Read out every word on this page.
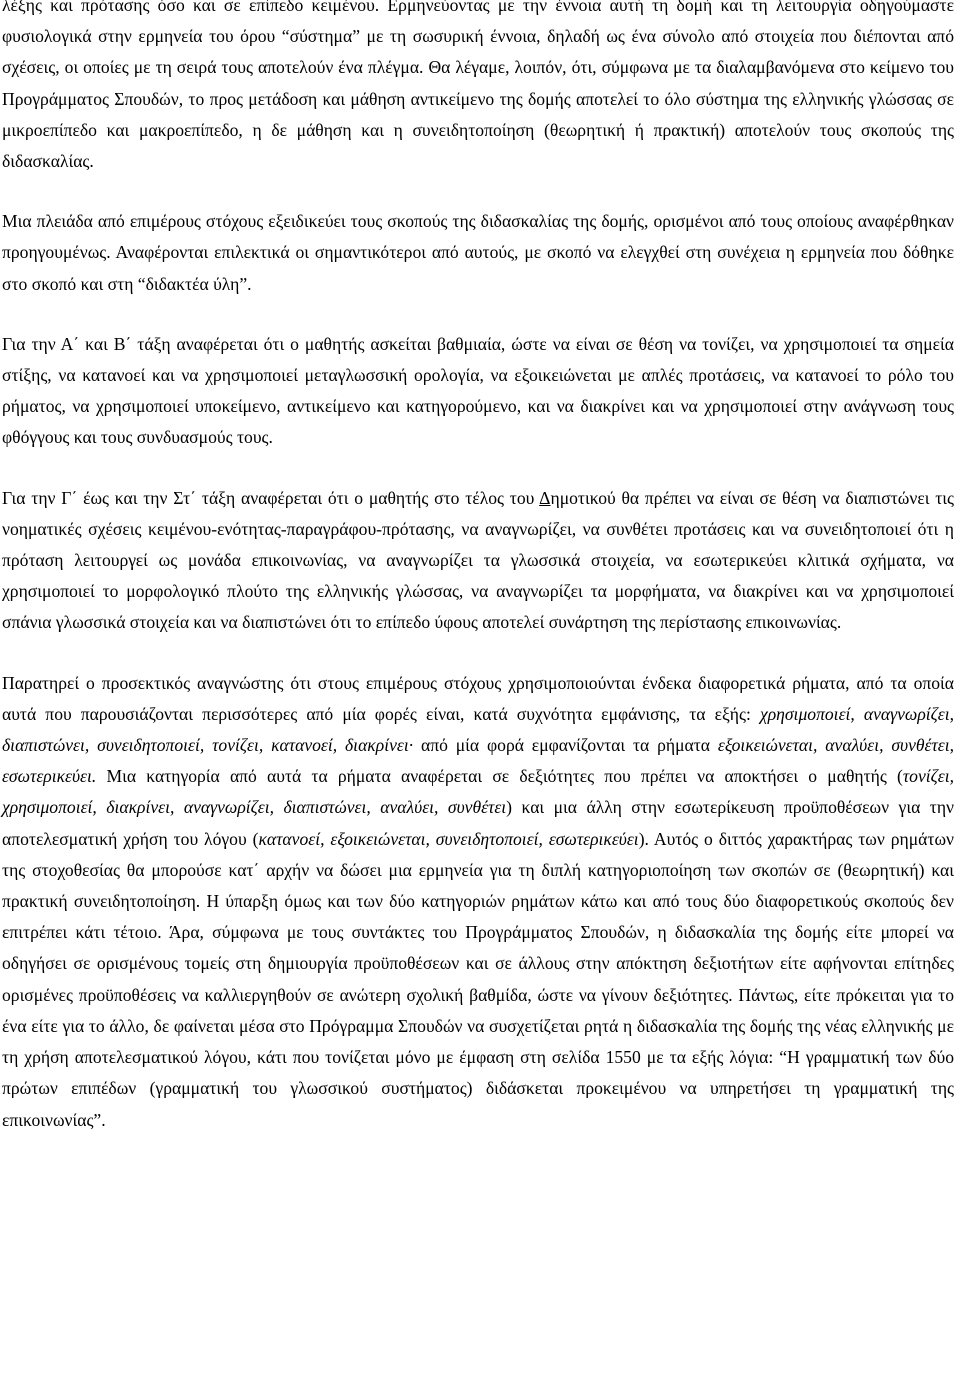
λέξης και πρότασης όσο και σε επίπεδο κειμένου. Ερμηνεύοντας με την έννοια αυτή τη δομή και τη λειτουργία οδηγούμαστε φυσιολογικά στην ερμηνεία του όρου “σύστημα” με τη σωσυρική έννοια, δηλαδή ως ένα σύνολο από στοιχεία που διέπονται από σχέσεις, οι οποίες με τη σειρά τους αποτελούν ένα πλέγμα. Θα λέγαμε, λοιπόν, ότι, σύμφωνα με τα διαλαμβανόμενα στο κείμενο του Προγράμματος Σπουδών, το προς μετάδοση και μάθηση αντικείμενο της δομής αποτελεί το όλο σύστημα της ελληνικής γλώσσας σε μικροεπίπεδο και μακροεπίπεδο, η δε μάθηση και η συνειδητοποίηση (θεωρητική ή πρακτική) αποτελούν τους σκοπούς της διδασκαλίας.

Μια πλειάδα από επιμέρους στόχους εξειδικεύει τους σκοπούς της διδασκαλίας της δομής, ορισμένοι από τους οποίους αναφέρθηκαν προηγουμένως. Αναφέρονται επιλεκτικά οι σημαντικότεροι από αυτούς, με σκοπό να ελεγχθεί στη συνέχεια η ερμηνεία που δόθηκε στο σκοπό και στη “διδακτέα ύλη”.

Για την Α΄ και Β΄ τάξη αναφέρεται ότι ο μαθητής ασκείται βαθμιαία, ώστε να είναι σε θέση να τονίζει, να χρησιμοποιεί τα σημεία στίξης, να κατανοεί και να χρησιμοποιεί μεταγλωσσική ορολογία, να εξοικειώνεται με απλές προτάσεις, να κατανοεί το ρόλο του ρήματος, να χρησιμοποιεί υποκείμενο, αντικείμενο και κατηγορούμενο, και να διακρίνει και να χρησιμοποιεί στην ανάγνωση τους φθόγγους και τους συνδυασμούς τους.

Για την Γ΄ έως και την Στ΄ τάξη αναφέρεται ότι ο μαθητής στο τέλος του Δημοτικού θα πρέπει να είναι σε θέση να διαπιστώνει τις νοηματικές σχέσεις κειμένου-ενότητας-παραγράφου-πρότασης, να αναγνωρίζει, να συνθέτει προτάσεις και να συνειδητοποιεί ότι η πρόταση λειτουργεί ως μονάδα επικοινωνίας, να αναγνωρίζει τα γλωσσικά στοιχεία, να εσωτερικεύει κλιτικά σχήματα, να χρησιμοποιεί το μορφολογικό πλούτο της ελληνικής γλώσσας, να αναγνωρίζει τα μορφήματα, να διακρίνει και να χρησιμοποιεί σπάνια γλωσσικά στοιχεία και να διαπιστώνει ότι το επίπεδο ύφους αποτελεί συνάρτηση της περίστασης επικοινωνίας.

Παρατηρεί ο προσεκτικός αναγνώστης ότι στους επιμέρους στόχους χρησιμοποιούνται ένδεκα διαφορετικά ρήματα, από τα οποία αυτά που παρουσιάζονται περισσότερες από μία φορές είναι, κατά συχνότητα εμφάνισης, τα εξής: χρησιμοποιεί, αναγνωρίζει, διαπιστώνει, συνειδητοποιεί, τονίζει, κατανοεί, διακρίνει· από μία φορά εμφανίζονται τα ρήματα εξοικειώνεται, αναλύει, συνθέτει, εσωτερικεύει. Μια κατηγορία από αυτά τα ρήματα αναφέρεται σε δεξιότητες που πρέπει να αποκτήσει ο μαθητής (τονίζει, χρησιμοποιεί, διακρίνει, αναγνωρίζει, διαπιστώνει, αναλύει, συνθέτει) και μια άλλη στην εσωτερίκευση προϋποθέσεων για την αποτελεσματική χρήση του λόγου (κατανοεί, εξοικειώνεται, συνειδητοποιεί, εσωτερικεύει). Αυτός ο διττός χαρακτήρας των ρημάτων της στοχοθεσίας θα μπορούσε κατ΄ αρχήν να δώσει μια ερμηνεία για τη διπλή κατηγοριοποίηση των σκοπών σε (θεωρητική) και πρακτική συνειδητοποίηση. Η ύπαρξη όμως και των δύο κατηγοριών ρημάτων κάτω και από τους δύο διαφορετικούς σκοπούς δεν επιτρέπει κάτι τέτοιο. Άρα, σύμφωνα με τους συντάκτες του Προγράμματος Σπουδών, η διδασκαλία της δομής είτε μπορεί να οδηγήσει σε ορισμένους τομείς στη δημιουργία προϋποθέσεων και σε άλλους στην απόκτηση δεξιοτήτων είτε αφήνονται επίτηδες ορισμένες προϋποθέσεις να καλλιεργηθούν σε ανώτερη σχολική βαθμίδα, ώστε να γίνουν δεξιότητες. Πάντως, είτε πρόκειται για το ένα είτε για το άλλο, δε φαίνεται μέσα στο Πρόγραμμα Σπουδών να συσχετίζεται ρητά η διδασκαλία της δομής της νέας ελληνικής με τη χρήση αποτελεσματικού λόγου, κάτι που τονίζεται μόνο με έμφαση στη σελίδα 1550 με τα εξής λόγια: “Η γραμματική των δύο πρώτων επιπέδων (γραμματική του γλωσσικού συστήματος) διδάσκεται προκειμένου να υπηρετήσει τη γραμματική της επικοινωνίας”.
